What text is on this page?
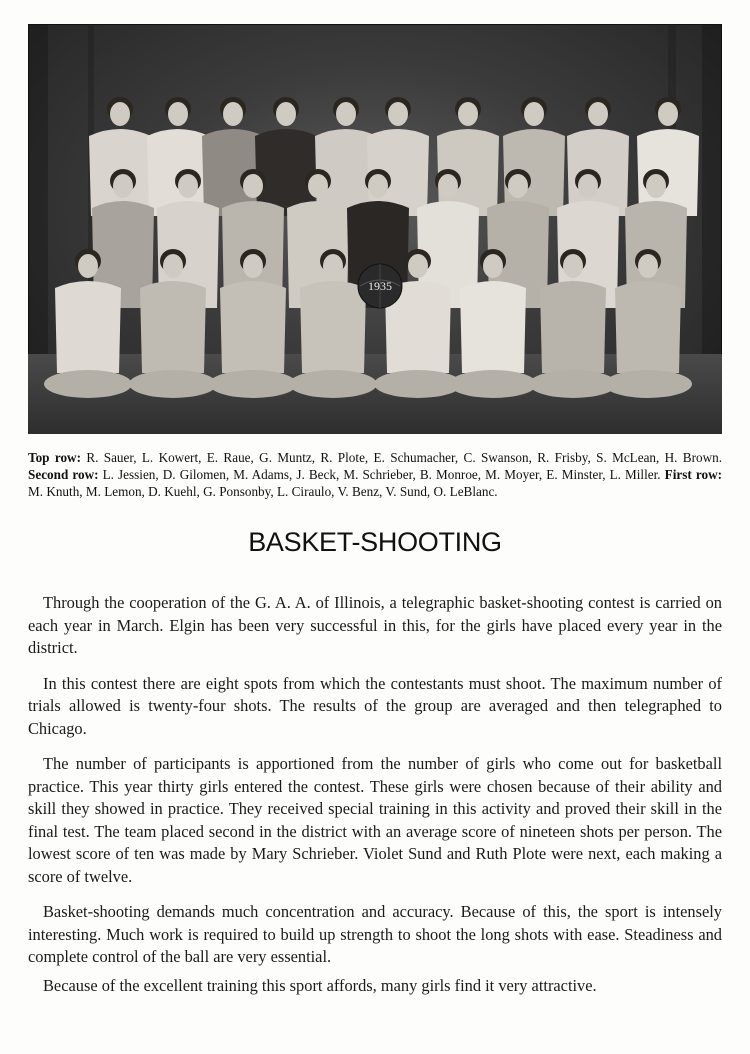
1935
Top row: R. Sauer, L. Kowert, E. Raue, G. Muntz, R. Plote, E. Schumacher, C. Swanson, R. Frisby, S. McLean, H. Brown. Second row: L. Jessien, D. Gilomen, M. Adams, J. Beck, M. Schrieber, B. Monroe, M. Moyer, E. Minster, L. Miller. First row: M. Knuth, M. Lemon, D. Kuehl, G. Ponsonby, L. Ciraulo, V. Benz, V. Sund, O. LeBlanc.
BASKET-SHOOTING

Through the cooperation of the G. A. A. of Illinois, a telegraphic basket-shooting contest is carried on each year in March. Elgin has been very successful in this, for the girls have placed every year in the district.

In this contest there are eight spots from which the contestants must shoot. The maximum number of trials allowed is twenty-four shots. The results of the group are averaged and then telegraphed to Chicago.

The number of participants is apportioned from the number of girls who come out for basketball practice. This year thirty girls entered the contest. These girls were chosen because of their ability and skill they showed in practice. They received special training in this activity and proved their skill in the final test. The team placed second in the district with an average score of nineteen shots per person. The lowest score of ten was made by Mary Schrieber. Violet Sund and Ruth Plote were next, each making a score of twelve.

Basket-shooting demands much concentration and accuracy. Because of this, the sport is intensely interesting. Much work is required to build up strength to shoot the long shots with ease. Steadiness and complete control of the ball are very essential.

Because of the excellent training this sport affords, many girls find it very attractive.
